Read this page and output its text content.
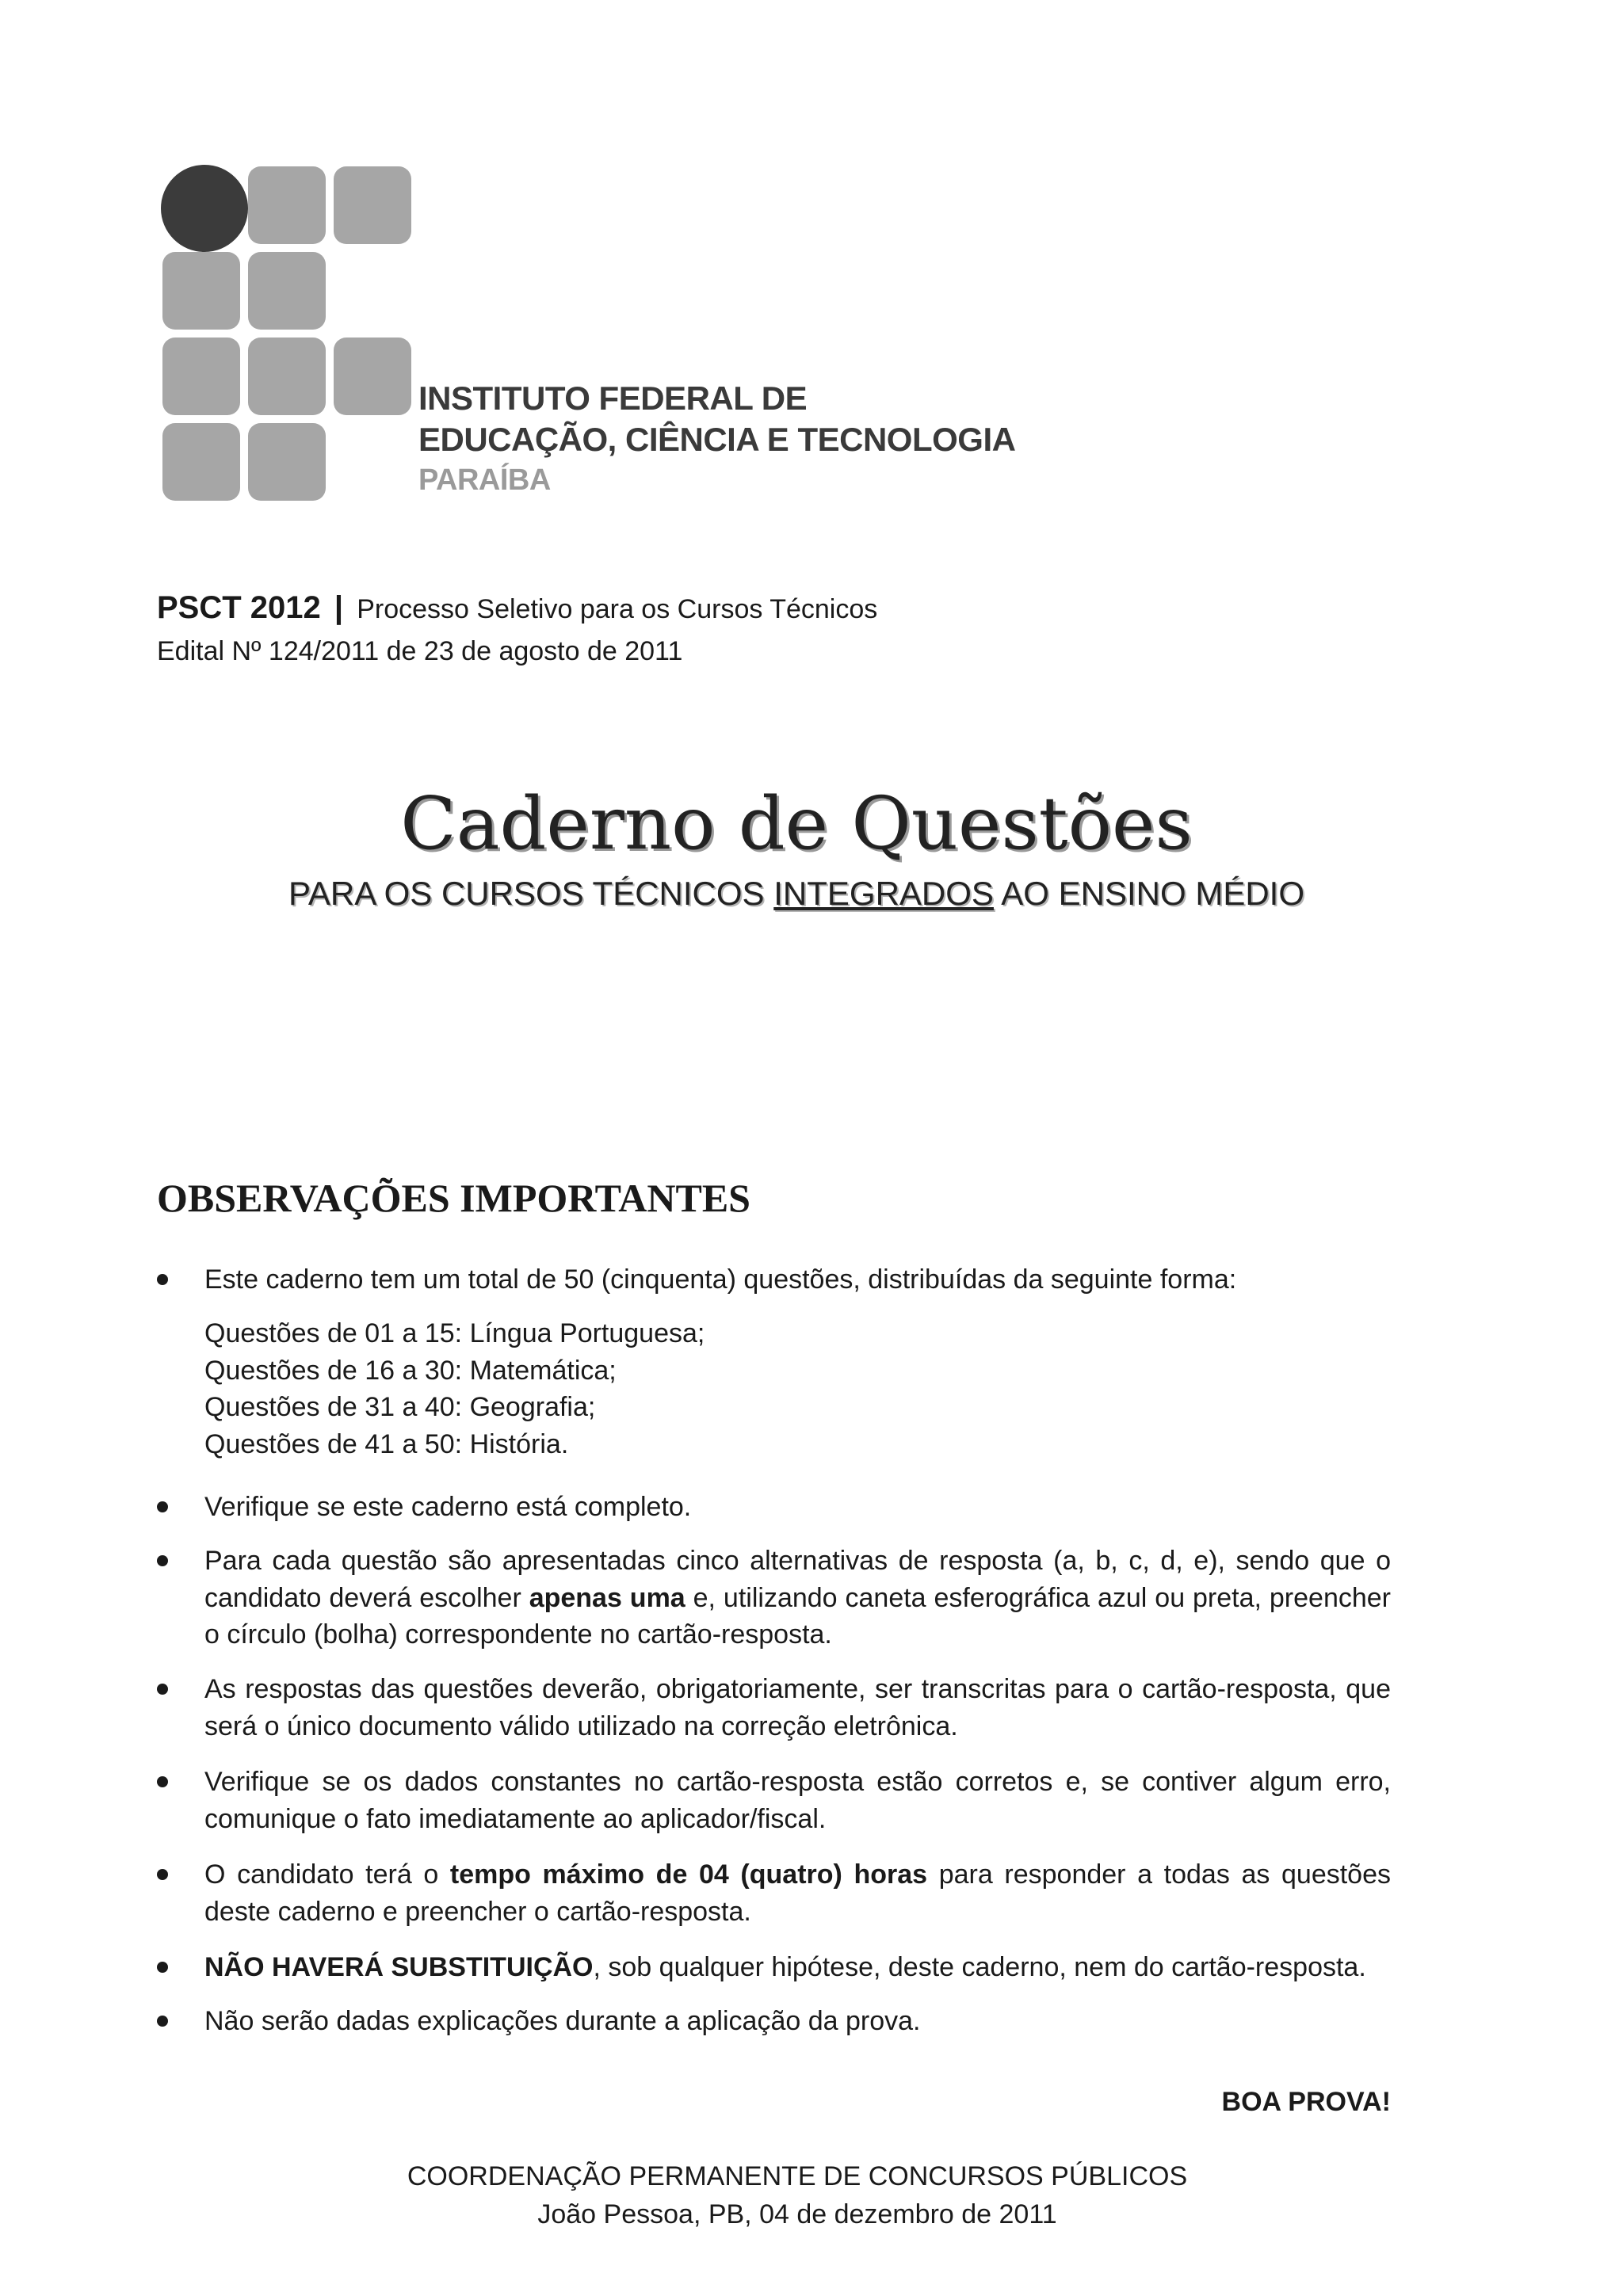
INSTITUTO FEDERAL DE
EDUCAÇÃO, CIÊNCIA E TECNOLOGIA
PARAÍBA
PSCT 2012 | Processo Seletivo para os Cursos Técnicos
Edital Nº 124/2011 de 23 de agosto de 2011
Caderno de Questões
PARA OS CURSOS TÉCNICOS INTEGRADOS AO ENSINO MÉDIO
OBSERVAÇÕES IMPORTANTES
Este caderno tem um total de 50 (cinquenta) questões, distribuídas da seguinte forma:
Questões de 01 a 15: Língua Portuguesa;
Questões de 16 a 30: Matemática;
Questões de 31 a 40: Geografia;
Questões de 41 a 50: História.
Verifique se este caderno está completo.
Para cada questão são apresentadas cinco alternativas de resposta (a, b, c, d, e), sendo que o candidato deverá escolher apenas uma e, utilizando caneta esferográfica azul ou preta, preencher o círculo (bolha) correspondente no cartão-resposta.
As respostas das questões deverão, obrigatoriamente, ser transcritas para o cartão-resposta, que será o único documento válido utilizado na correção eletrônica.
Verifique se os dados constantes no cartão-resposta estão corretos e, se contiver algum erro, comunique o fato imediatamente ao aplicador/fiscal.
O candidato terá o tempo máximo de 04 (quatro) horas para responder a todas as questões deste caderno e preencher o cartão-resposta.
NÃO HAVERÁ SUBSTITUIÇÃO, sob qualquer hipótese, deste caderno, nem do cartão-resposta.
Não serão dadas explicações durante a aplicação da prova.
BOA PROVA!
COORDENAÇÃO PERMANENTE DE CONCURSOS PÚBLICOS
João Pessoa, PB, 04 de dezembro de 2011
